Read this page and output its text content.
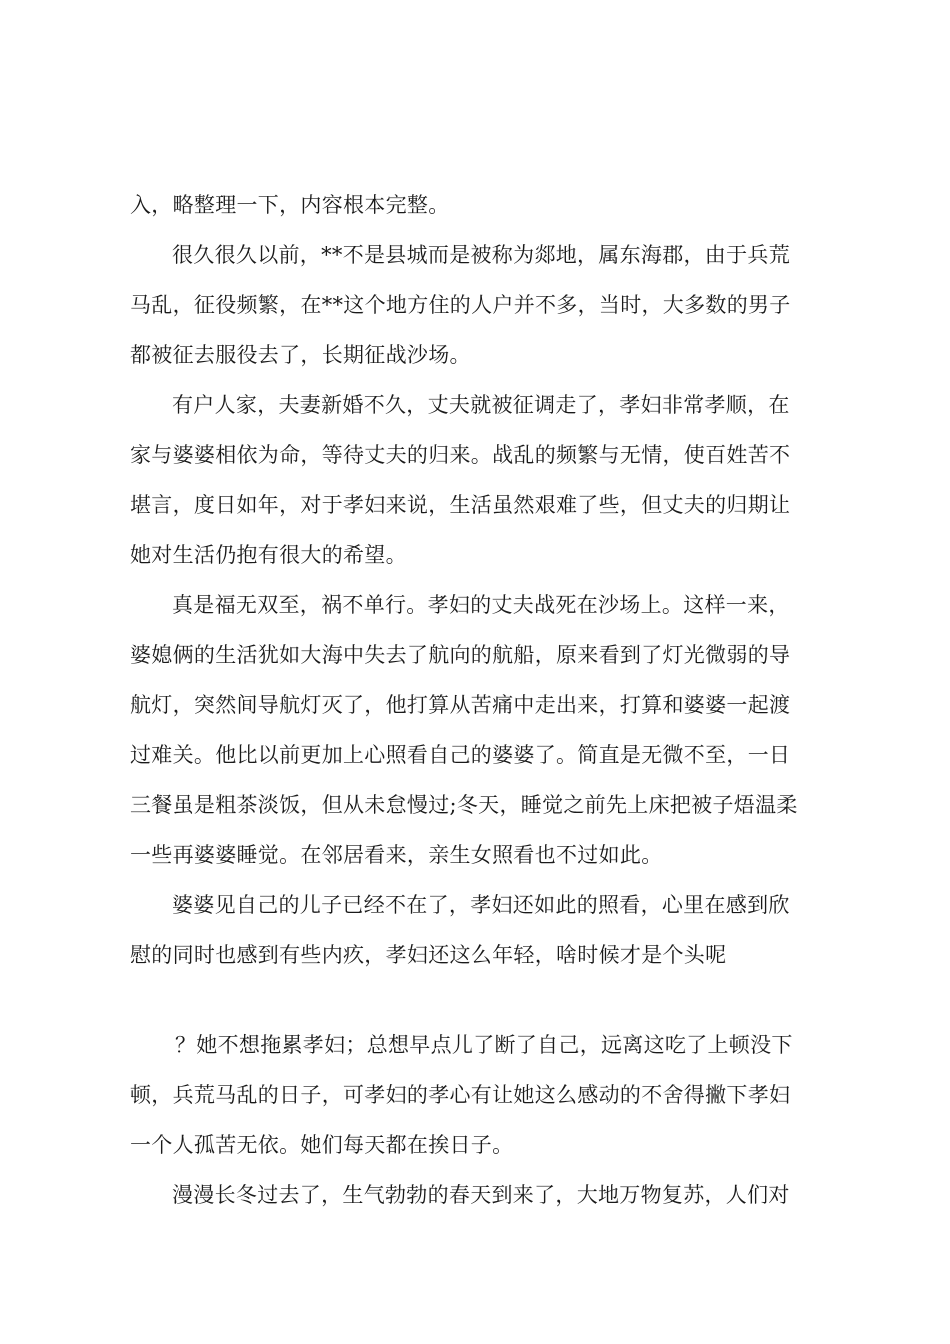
入，略整理一下，内容根本完整。
很久很久以前，**不是县城而是被称为郯地，属东海郡，由于兵荒
马乱，征役频繁，在**这个地方住的人户并不多，当时，大多数的男子
都被征去服役去了，长期征战沙场。
有户人家，夫妻新婚不久，丈夫就被征调走了，孝妇非常孝顺，在
家与婆婆相依为命，等待丈夫的归来。战乱的频繁与无情，使百姓苦不
堪言，度日如年，对于孝妇来说，生活虽然艰难了些，但丈夫的归期让
她对生活仍抱有很大的希望。
真是福无双至，祸不单行。孝妇的丈夫战死在沙场上。这样一来，
婆媳俩的生活犹如大海中失去了航向的航船，原来看到了灯光微弱的导
航灯，突然间导航灯灭了，他打算从苦痛中走出来，打算和婆婆一起渡
过难关。他比以前更加上心照看自己的婆婆了。简直是无微不至，一日
三餐虽是粗茶淡饭，但从未怠慢过;冬天，睡觉之前先上床把被子焐温柔
一些再婆婆睡觉。在邻居看来，亲生女照看也不过如此。
婆婆见自己的儿子已经不在了，孝妇还如此的照看，心里在感到欣
慰的同时也感到有些内疚，孝妇还这么年轻，啥时候才是个头呢
？她不想拖累孝妇；总想早点儿了断了自己，远离这吃了上顿没下
顿，兵荒马乱的日子，可孝妇的孝心有让她这么感动的不舍得撇下孝妇
一个人孤苦无依。她们每天都在挨日子。
漫漫长冬过去了，生气勃勃的春天到来了，大地万物复苏，人们对
